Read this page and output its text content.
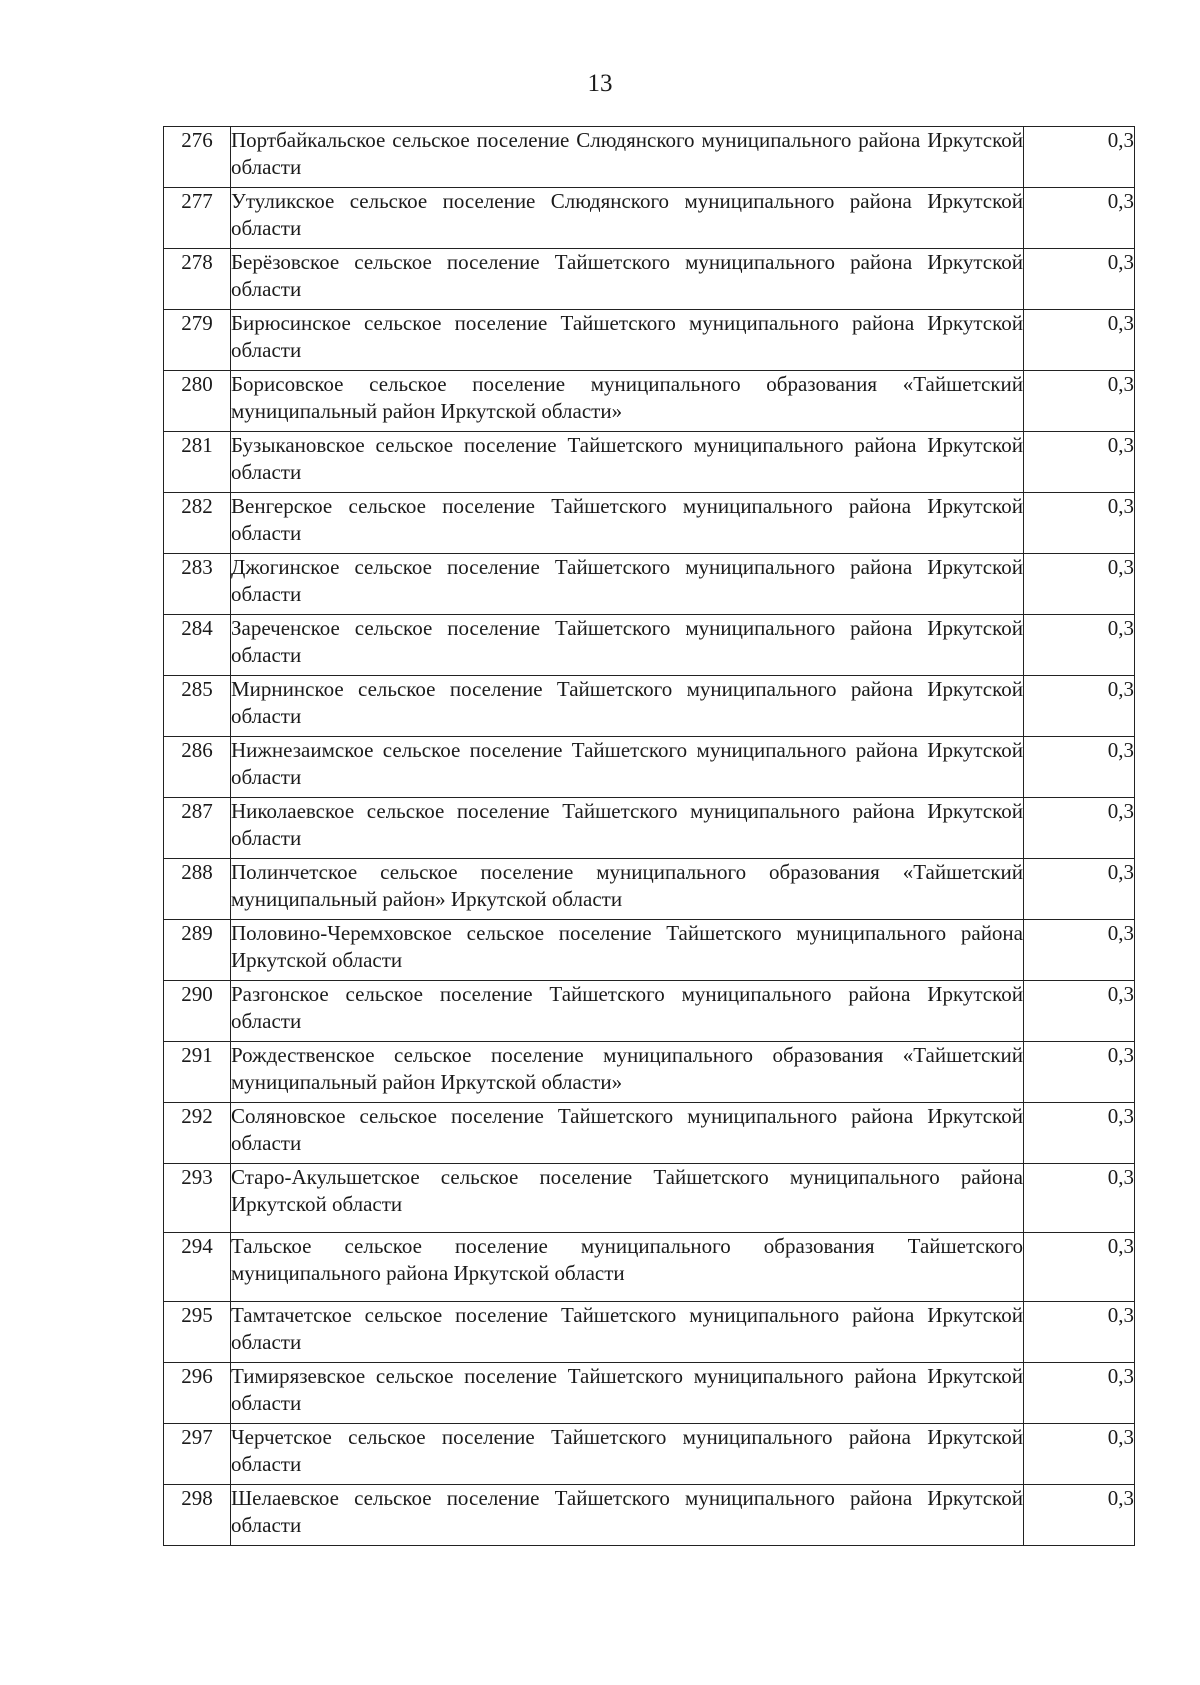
13
276	Портбайкальское сельское поселение Слюдянского муниципального района Иркутской области	0,3
277	Утуликское сельское поселение Слюдянского муниципального района Иркутской области	0,3
278	Берёзовское сельское поселение Тайшетского муниципального района Иркутской области	0,3
279	Бирюсинское сельское поселение Тайшетского муниципального района Иркутской области	0,3
280	Борисовское сельское поселение муниципального образования «Тайшетский муниципальный район Иркутской области»	0,3
281	Бузыкановское сельское поселение Тайшетского муниципального района Иркутской области	0,3
282	Венгерское сельское поселение Тайшетского муниципального района Иркутской области	0,3
283	Джогинское сельское поселение Тайшетского муниципального района Иркутской области	0,3
284	Зареченское сельское поселение Тайшетского муниципального района Иркутской области	0,3
285	Мирнинское сельское поселение Тайшетского муниципального района Иркутской области	0,3
286	Нижнезаимское сельское поселение Тайшетского муниципального района Иркутской области	0,3
287	Николаевское сельское поселение Тайшетского муниципального района Иркутской области	0,3
288	Полинчетское сельское поселение муниципального образования «Тайшетский муниципальный район» Иркутской области	0,3
289	Половино-Черемховское сельское поселение Тайшетского муниципального района Иркутской области	0,3
290	Разгонское сельское поселение Тайшетского муниципального района Иркутской области	0,3
291	Рождественское сельское поселение муниципального образования «Тайшетский муниципальный район Иркутской области»	0,3
292	Соляновское сельское поселение Тайшетского муниципального района Иркутской области	0,3
293	Старо-Акульшетское сельское поселение Тайшетского муниципального района Иркутской области	0,3
294	Тальское сельское поселение муниципального образования Тайшетского муниципального района Иркутской области	0,3
295	Тамтачетское сельское поселение Тайшетского муниципального района Иркутской области	0,3
296	Тимирязевское сельское поселение Тайшетского муниципального района Иркутской области	0,3
297	Черчетское сельское поселение Тайшетского муниципального района Иркутской области	0,3
298	Шелаевское сельское поселение Тайшетского муниципального района Иркутской области	0,3
